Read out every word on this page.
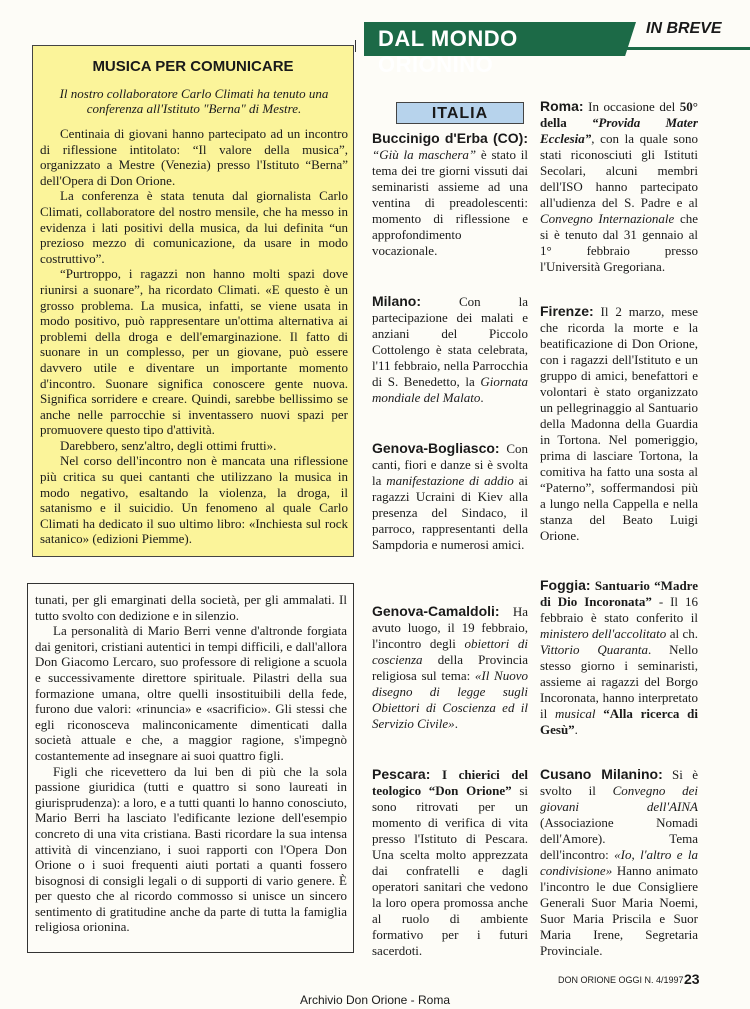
DAL MONDO ORIONINO
IN BREVE
MUSICA PER COMUNICARE
Il nostro collaboratore Carlo Climati ha tenuto una conferenza all'Istituto "Berna" di Mestre.

Centinaia di giovani hanno partecipato ad un incontro di riflessione intitolato: “Il valore della musica”, organizzato a Mestre (Venezia) presso l'Istituto “Berna” dell'Opera di Don Orione.

La conferenza è stata tenuta dal giornalista Carlo Climati, collaboratore del nostro mensile, che ha messo in evidenza i lati positivi della musica, da lui definita “un prezioso mezzo di comunicazione, da usare in modo costruttivo”.

“Purtroppo, i ragazzi non hanno molti spazi dove riunirsi a suonare”, ha ricordato Climati. «E questo è un grosso problema. La musica, infatti, se viene usata in modo positivo, può rappresentare un'ottima alternativa ai problemi della droga e dell'emarginazione. Il fatto di suonare in un complesso, per un giovane, può essere davvero utile e diventare un importante momento d'incontro. Suonare significa conoscere gente nuova. Significa sorridere e creare. Quindi, sarebbe bellissimo se anche nelle parrocchie si inventassero nuovi spazi per promuovere questo tipo d'attività.

Darebbero, senz'altro, degli ottimi frutti».

Nel corso dell'incontro non è mancata una riflessione più critica su quei cantanti che utilizzano la musica in modo negativo, esaltando la violenza, la droga, il satanismo e il suicidio. Un fenomeno al quale Carlo Climati ha dedicato il suo ultimo libro: «Inchiesta sul rock satanico» (edizioni Piemme).

tunati, per gli emarginati della società, per gli ammalati. Il tutto svolto con dedizione e in silenzio.

La personalità di Mario Berri venne d'altronde forgiata dai genitori, cristiani autentici in tempi difficili, e dall'allora Don Giacomo Lercaro, suo professore di religione a scuola e successivamente direttore spirituale. Pilastri della sua formazione umana, oltre quelli insostituibili della fede, furono due valori: «rinuncia» e «sacrificio». Gli stessi che egli riconosceva malinconicamente dimenticati dalla società attuale e che, a maggior ragione, s'impegnò costantemente ad insegnare ai suoi quattro figli.

Figli che ricevettero da lui ben di più che la sola passione giuridica (tutti e quattro si sono laureati in giurisprudenza): a loro, e a tutti quanti lo hanno conosciuto, Mario Berri ha lasciato l'edificante lezione dell'esempio concreto di una vita cristiana. Basti ricordare la sua intensa attività di vincenziano, i suoi rapporti con l'Opera Don Orione o i suoi frequenti aiuti portati a quanti fossero bisognosi di consigli legali o di supporti di vario genere. È per questo che al ricordo commosso si unisce un sincero sentimento di gratitudine anche da parte di tutta la famiglia religiosa orionina.

ITALIA
Buccinigo d'Erba (CO): “Giù la maschera” è stato il tema dei tre giorni vissuti dai seminaristi assieme ad una ventina di preadolescenti: momento di riflessione e approfondimento vocazionale.
Milano: Con la partecipazione dei malati e anziani del Piccolo Cottolengo è stata celebrata, l'11 febbraio, nella Parrocchia di S. Benedetto, la Giornata mondiale del Malato.
Genova-Bogliasco: Con canti, fiori e danze si è svolta la manifestazione di addio ai ragazzi Ucraini di Kiev alla presenza del Sindaco, il parroco, rappresentanti della Sampdoria e numerosi amici.
Genova-Camaldoli: Ha avuto luogo, il 19 febbraio, l'incontro degli obiettori di coscienza della Provincia religiosa sul tema: «Il Nuovo disegno di legge sugli Obiettori di Coscienza ed il Servizio Civile».
Pescara: I chierici del teologico “Don Orione” si sono ritrovati per un momento di verifica di vita presso l'Istituto di Pescara. Una scelta molto apprezzata dai confratelli e dagli operatori sanitari che vedono la loro opera promossa anche al ruolo di ambiente formativo per i futuri sacerdoti.
Roma: In occasione del 50° della “Provida Mater Ecclesia”, con la quale sono stati riconosciuti gli Istituti Secolari, alcuni membri dell'ISO hanno partecipato all'udienza del S. Padre e al Convegno Internazionale che si è tenuto dal 31 gennaio al 1° febbraio presso l'Università Gregoriana.
Firenze: Il 2 marzo, mese che ricorda la morte e la beatificazione di Don Orione, con i ragazzi dell'Istituto e un gruppo di amici, benefattori e volontari è stato organizzato un pellegrinaggio al Santuario della Madonna della Guardia in Tortona. Nel pomeriggio, prima di lasciare Tortona, la comitiva ha fatto una sosta al “Paterno”, soffermandosi più a lungo nella Cappella e nella stanza del Beato Luigi Orione.
Foggia: Santuario “Madre di Dio Incoronata” - Il 16 febbraio è stato conferito il ministero dell'accolitato al ch. Vittorio Quaranta. Nello stesso giorno i seminaristi, assieme ai ragazzi del Borgo Incoronata, hanno interpretato il musical “Alla ricerca di Gesù”.
Cusano Milanino: Si è svolto il Convegno dei giovani dell'AINA (Associazione Nomadi dell'Amore). Tema dell'incontro: «Io, l'altro e la condivisione» Hanno animato l'incontro le due Consigliere Generali Suor Maria Noemi, Suor Maria Priscila e Suor Maria Irene, Segretaria Provinciale.
DON ORIONE OGGI N. 4/1997 23
Archivio Don Orione - Roma
